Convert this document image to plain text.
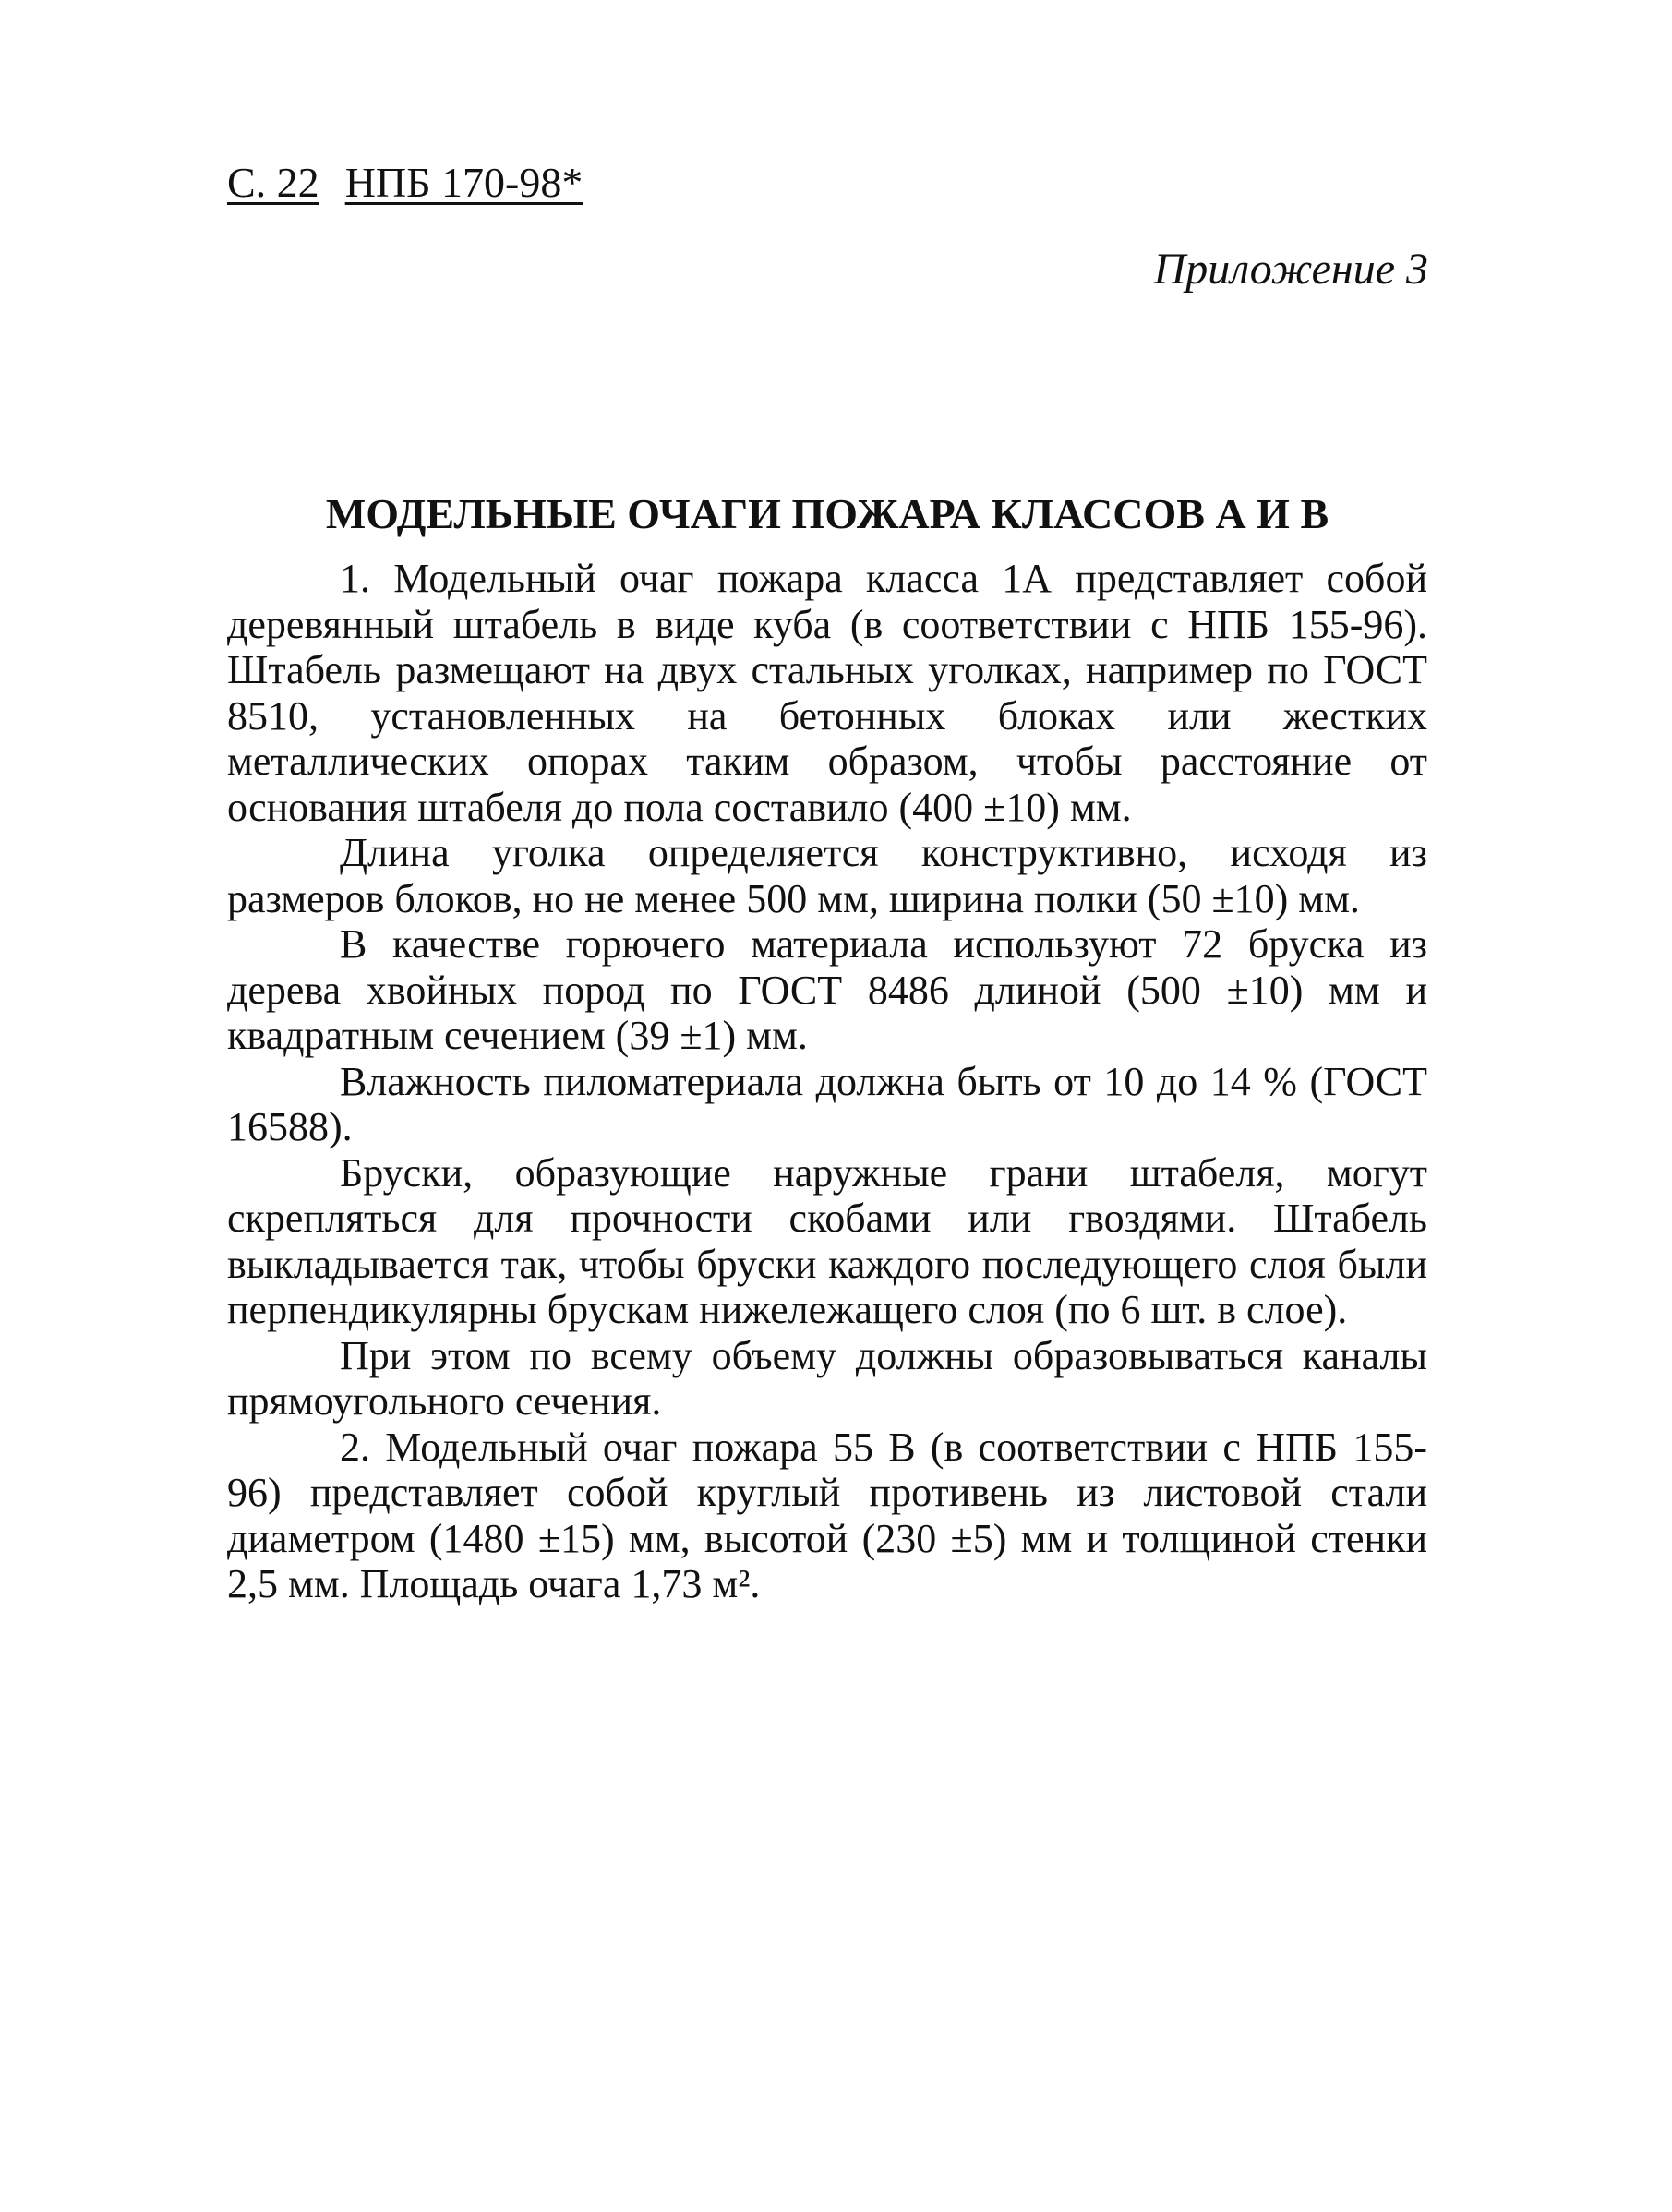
С. 22 НПБ 170-98*
Приложение 3
МОДЕЛЬНЫЕ ОЧАГИ ПОЖАРА КЛАССОВ А И В

1. Модельный очаг пожара класса 1А представляет собой деревянный штабель в виде куба (в соответствии с НПБ 155-96). Штабель размещают на двух стальных уголках, например по ГОСТ 8510, установленных на бетонных блоках или жестких металлических опорах таким образом, чтобы расстояние от основания штабеля до пола составило (400 ±10) мм.

Длина уголка определяется конструктивно, исходя из размеров блоков, но не менее 500 мм, ширина полки (50 ±10) мм.

В качестве горючего материала используют 72 бруска из дерева хвойных пород по ГОСТ 8486 длиной (500 ±10) мм и квадратным сечением (39 ±1) мм.

Влажность пиломатериала должна быть от 10 до 14 % (ГОСТ 16588).

Бруски, образующие наружные грани штабеля, могут скрепляться для прочности скобами или гвоздями. Штабель выкладывается так, чтобы бруски каждого последующего слоя были перпендикулярны брускам нижележащего слоя (по 6 шт. в слое).

При этом по всему объему должны образовываться каналы прямоугольного сечения.

2. Модельный очаг пожара 55 В (в соответствии с НПБ 155-96) представляет собой круглый противень из листовой стали диаметром (1480 ±15) мм, высотой (230 ±5) мм и толщиной стенки 2,5 мм. Площадь очага 1,73 м².
